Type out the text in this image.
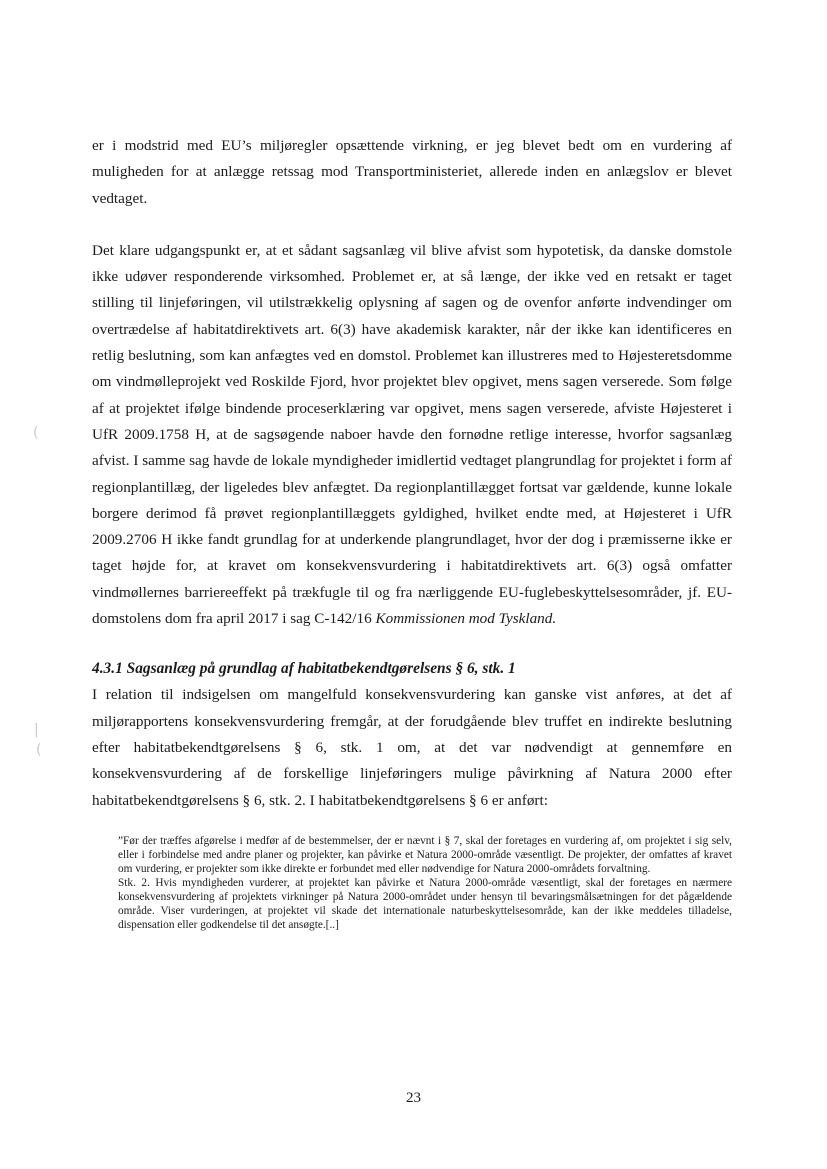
(
|
(

er i modstrid med EU’s miljøregler opsættende virkning, er jeg blevet bedt om en vurdering af muligheden for at anlægge retssag mod Transportministeriet, allerede inden en anlægslov er blevet vedtaget.

Det klare udgangspunkt er, at et sådant sagsanlæg vil blive afvist som hypotetisk, da danske domstole ikke udøver responderende virksomhed. Problemet er, at så længe, der ikke ved en retsakt er taget stilling til linjeføringen, vil utilstrækkelig oplysning af sagen og de ovenfor anførte indvendinger om overtrædelse af habitatdirektivets art. 6(3) have akademisk karakter, når der ikke kan identificeres en retlig beslutning, som kan anfægtes ved en domstol. Problemet kan illustreres med to Højesteretsdomme om vindmølleprojekt ved Roskilde Fjord, hvor projektet blev opgivet, mens sagen verserede. Som følge af at projektet ifølge bindende proceserklæring var opgivet, mens sagen verserede, afviste Højesteret i UfR 2009.1758 H, at de sagsøgende naboer havde den fornødne retlige interesse, hvorfor sagsanlæg afvist. I samme sag havde de lokale myndigheder imidlertid vedtaget plangrundlag for projektet i form af regionplantillæg, der ligeledes blev anfægtet. Da regionplantillægget fortsat var gældende, kunne lokale borgere derimod få prøvet regionplantillæggets gyldighed, hvilket endte med, at Højesteret i UfR 2009.2706 H ikke fandt grundlag for at underkende plangrundlaget, hvor der dog i præmisserne ikke er taget højde for, at kravet om konsekvensvurdering i habitatdirektivets art. 6(3) også omfatter vindmøllernes barriereeffekt på trækfugle til og fra nærliggende EU-fuglebeskyttelsesområder, jf. EU-domstolens dom fra april 2017 i sag C-142/16 Kommissionen mod Tyskland.

4.3.1 Sagsanlæg på grundlag af habitatbekendtgørelsens § 6, stk. 1

I relation til indsigelsen om mangelfuld konsekvensvurdering kan ganske vist anføres, at det af miljørapportens konsekvensvurdering fremgår, at der forudgående blev truffet en indirekte beslutning efter habitatbekendtgørelsens § 6, stk. 1 om, at det var nødvendigt at gennemføre en konsekvensvurdering af de forskellige linjeføringers mulige påvirkning af Natura 2000 efter habitatbekendtgørelsens § 6, stk. 2. I habitatbekendtgørelsens § 6 er anført:

”Før der træffes afgørelse i medfør af de bestemmelser, der er nævnt i § 7, skal der foretages en vurdering af, om projektet i sig selv, eller i forbindelse med andre planer og projekter, kan påvirke et Natura 2000-område væsentligt. De projekter, der omfattes af kravet om vurdering, er projekter som ikke direkte er forbundet med eller nødvendige for Natura 2000-områdets forvaltning.

Stk. 2. Hvis myndigheden vurderer, at projektet kan påvirke et Natura 2000-område væsentligt, skal der foretages en nærmere konsekvensvurdering af projektets virkninger på Natura 2000-området under hensyn til bevaringsmålsætningen for det pågældende område. Viser vurderingen, at projektet vil skade det internationale naturbeskyttelsesområde, kan der ikke meddeles tilladelse, dispensation eller godkendelse til det ansøgte.[..]

23
